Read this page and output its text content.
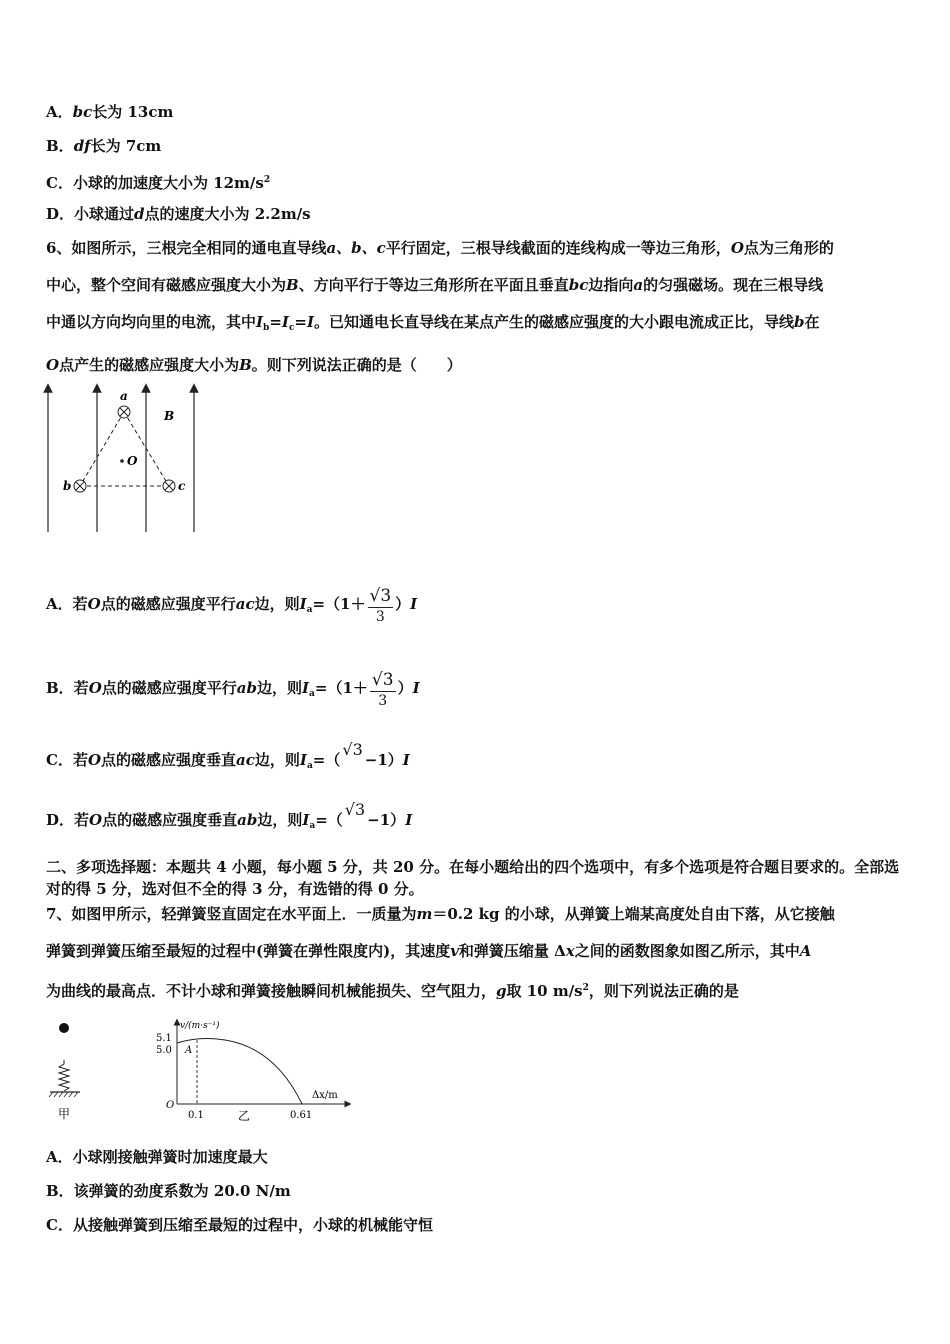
A．bc长为 13cm
B．df长为 7cm
C．小球的加速度大小为 $12m/s^2$
D．小球通过d点的速度大小为 2.2m/s
6、如图所示，三根完全相同的通电直导线a、b、c平行固定，三根导线截面的连线构成一等边三角形，O点为三角形的
中心，整个空间有磁感应强度大小为B、方向平行于等边三角形所在平面且垂直bc边指向a的匀强磁场。现在三根导线
中通以方向均向里的电流，其中$I_b=I_c=I$。已知通电长直导线在某点产生的磁感应强度的大小跟电流成正比，导线b在
O点产生的磁感应强度大小为B。则下列说法正确的是（　　）
a
b	c
O
B
A．若O点的磁感应强度平行ac边，则$I_a=(1+ \frac{√3}{3} )I$
B．若O点的磁感应强度平行ab边，则$I_a=(1+ \frac{√3}{3} )I$
C．若O点的磁感应强度垂直ac边，则$I_a=(√3-1)I$
D．若O点的磁感应强度垂直ab边，则$I_a=(√3-1)I$
二、多项选择题：本题共 4 小题，每小题 5 分，共 20 分。在每小题给出的四个选项中，有多个选项是符合题目要求的。全部选对的得 5 分，选对但不全的得 3 分，有选错的得 0 分。
7、如图甲所示，轻弹簧竖直固定在水平面上．一质量为m＝0.2 kg 的小球，从弹簧上端某高度处自由下落，从它接触
弹簧到弹簧压缩至最短的过程中(弹簧在弹性限度内)，其速度v和弹簧压缩量 Δx之间的函数图象如图乙所示，其中A
为曲线的最高点．不计小球和弹簧接触瞬间机械能损失、空气阻力，g取 10 $m/s^2$，则下列说法正确的是
甲
v/(m·s⁻¹)
Δx/m
5.1
5.0 A
O
0.1	0.61
乙
A．小球刚接触弹簧时加速度最大
B．该弹簧的劲度系数为 20.0 N/m
C．从接触弹簧到压缩至最短的过程中，小球的机械能守恒
